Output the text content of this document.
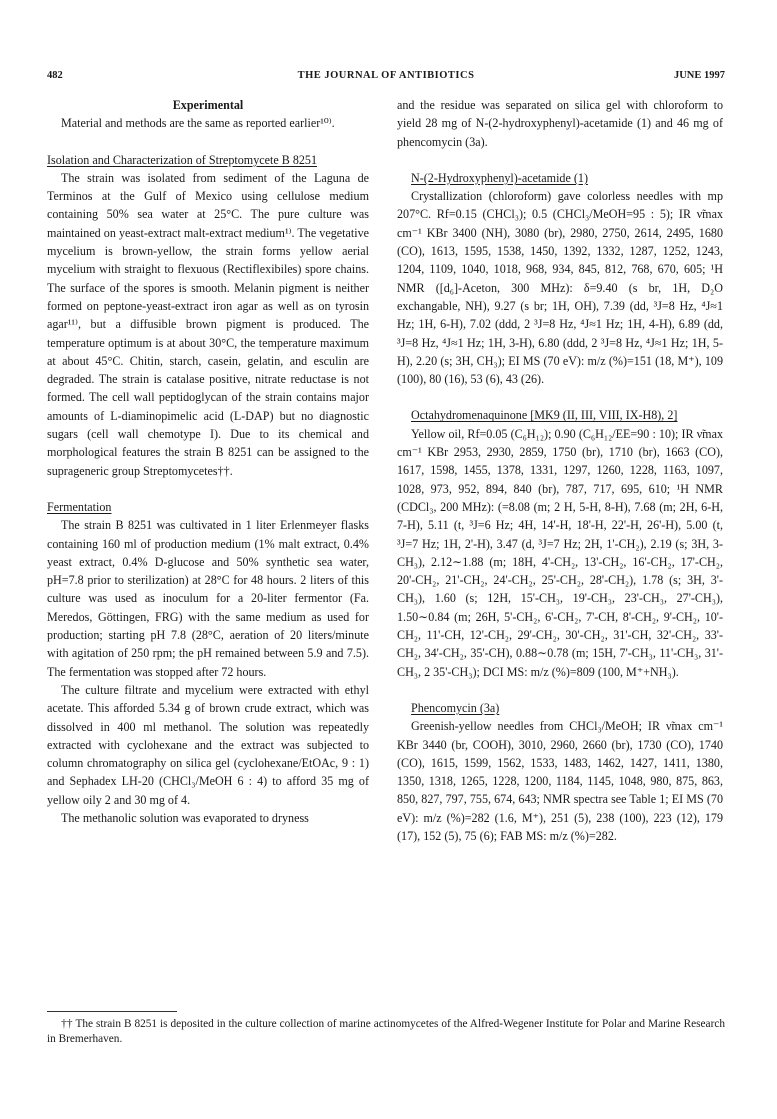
482	THE JOURNAL OF ANTIBIOTICS	JUNE 1997
Experimental

Material and methods are the same as reported earlier¹⁰⁾.

Isolation and Characterization of Streptomycete B 8251

The strain was isolated from sediment of the Laguna de Terminos at the Gulf of Mexico using cellulose medium containing 50% sea water at 25°C. The pure culture was maintained on yeast-extract malt-extract medium¹⁾. The vegetative mycelium is brown-yellow, the strain forms yellow aerial mycelium with straight to flexuous (Rectiflexibiles) spore chains. The surface of the spores is smooth. Melanin pigment is neither formed on peptone-yeast-extract iron agar as well as on tyrosin agar¹¹⁾, but a diffusible brown pigment is produced. The temperature optimum is at about 30°C, the temperature maximum at about 45°C. Chitin, starch, casein, gelatin, and esculin are degraded. The strain is catalase positive, nitrate reductase is not formed. The cell wall peptidoglycan of the strain contains major amounts of L-diaminopimelic acid (L-DAP) but no diagnostic sugars (cell wall chemotype I). Due to its chemical and morphological features the strain B 8251 can be assigned to the suprageneric group Streptomycetes††.

Fermentation

The strain B 8251 was cultivated in 1 liter Erlenmeyer flasks containing 160 ml of production medium (1% malt extract, 0.4% yeast extract, 0.4% D-glucose and 50% synthetic sea water, pH=7.8 prior to sterilization) at 28°C for 48 hours. 2 liters of this culture was used as inoculum for a 20-liter fermentor (Fa. Meredos, Göttingen, FRG) with the same medium as used for production; starting pH 7.8 (28°C, aeration of 20 liters/minute with agitation of 250 rpm; the pH remained between 5.9 and 7.5). The fermentation was stopped after 72 hours.

The culture filtrate and mycelium were extracted with ethyl acetate. This afforded 5.34 g of brown crude extract, which was dissolved in 400 ml methanol. The solution was repeatedly extracted with cyclohexane and the extract was subjected to column chromatography on silica gel (cyclohexane/EtOAc, 9 : 1) and Sephadex LH-20 (CHCl₃/MeOH 6 : 4) to afford 35 mg of yellow oily 2 and 30 mg of 4.

The methanolic solution was evaporated to dryness

and the residue was separated on silica gel with chloroform to yield 28 mg of N-(2-hydroxyphenyl)-acetamide (1) and 46 mg of phencomycin (3a).

N-(2-Hydroxyphenyl)-acetamide (1)

Crystallization (chloroform) gave colorless needles with mp 207°C. Rf=0.15 (CHCl₃); 0.5 (CHCl₃/MeOH=95 : 5); IR ν̃max cm⁻¹ KBr 3400 (NH), 3080 (br), 2980, 2750, 2614, 2495, 1680 (CO), 1613, 1595, 1538, 1450, 1392, 1332, 1287, 1252, 1243, 1204, 1109, 1040, 1018, 968, 934, 845, 812, 768, 670, 605; ¹H NMR ([d₆]-Aceton, 300 MHz): δ=9.40 (s br, 1H, D₂O exchangable, NH), 9.27 (s br; 1H, OH), 7.39 (dd, ³J=8 Hz, ⁴J≈1 Hz; 1H, 6-H), 7.02 (ddd, 2 ³J=8 Hz, ⁴J≈1 Hz; 1H, 4-H), 6.89 (dd, ³J=8 Hz, ⁴J≈1 Hz; 1H, 3-H), 6.80 (ddd, 2 ³J=8 Hz, ⁴J≈1 Hz; 1H, 5-H), 2.20 (s; 3H, CH₃); EI MS (70 eV): m/z (%)=151 (18, M⁺), 109 (100), 80 (16), 53 (6), 43 (26).

Octahydromenaquinone [MK9 (II, III, VIII, IX-H8), 2]

Yellow oil, Rf=0.05 (C₆H₁₂); 0.90 (C₆H₁₂/EE=90 : 10); IR ν̃max cm⁻¹ KBr 2953, 2930, 2859, 1750 (br), 1710 (br), 1663 (CO), 1617, 1598, 1455, 1378, 1331, 1297, 1260, 1228, 1163, 1097, 1028, 973, 952, 894, 840 (br), 787, 717, 695, 610; ¹H NMR (CDCl₃, 200 MHz): (=8.08 (m; 2 H, 5-H, 8-H), 7.68 (m; 2H, 6-H, 7-H), 5.11 (t, ³J=6 Hz; 4H, 14'-H, 18'-H, 22'-H, 26'-H), 5.00 (t, ³J=7 Hz; 1H, 2'-H), 3.47 (d, ³J=7 Hz; 2H, 1'-CH₂), 2.19 (s; 3H, 3-CH₃), 2.12∼1.88 (m; 18H, 4'-CH₂, 13'-CH₂, 16'-CH₂, 17'-CH₂, 20'-CH₂, 21'-CH₂, 24'-CH₂, 25'-CH₂, 28'-CH₂), 1.78 (s; 3H, 3'-CH₃), 1.60 (s; 12H, 15'-CH₃, 19'-CH₃, 23'-CH₃, 27'-CH₃), 1.50∼0.84 (m; 26H, 5'-CH₂, 6'-CH₂, 7'-CH, 8'-CH₂, 9'-CH₂, 10'-CH₂, 11'-CH, 12'-CH₂, 29'-CH₂, 30'-CH₂, 31'-CH, 32'-CH₂, 33'-CH₂, 34'-CH₂, 35'-CH), 0.88∼0.78 (m; 15H, 7'-CH₃, 11'-CH₃, 31'-CH₃, 2 35'-CH₃); DCI MS: m/z (%)=809 (100, M⁺+NH₃).

Phencomycin (3a)

Greenish-yellow needles from CHCl₃/MeOH; IR ν̃max cm⁻¹ KBr 3440 (br, COOH), 3010, 2960, 2660 (br), 1730 (CO), 1740 (CO), 1615, 1599, 1562, 1533, 1483, 1462, 1427, 1411, 1380, 1350, 1318, 1265, 1228, 1200, 1184, 1145, 1048, 980, 875, 863, 850, 827, 797, 755, 674, 643; NMR spectra see Table 1; EI MS (70 eV): m/z (%)=282 (1.6, M⁺), 251 (5), 238 (100), 223 (12), 179 (17), 152 (5), 75 (6); FAB MS: m/z (%)=282.

†† The strain B 8251 is deposited in the culture collection of marine actinomycetes of the Alfred-Wegener Institute for Polar and Marine Research in Bremerhaven.
